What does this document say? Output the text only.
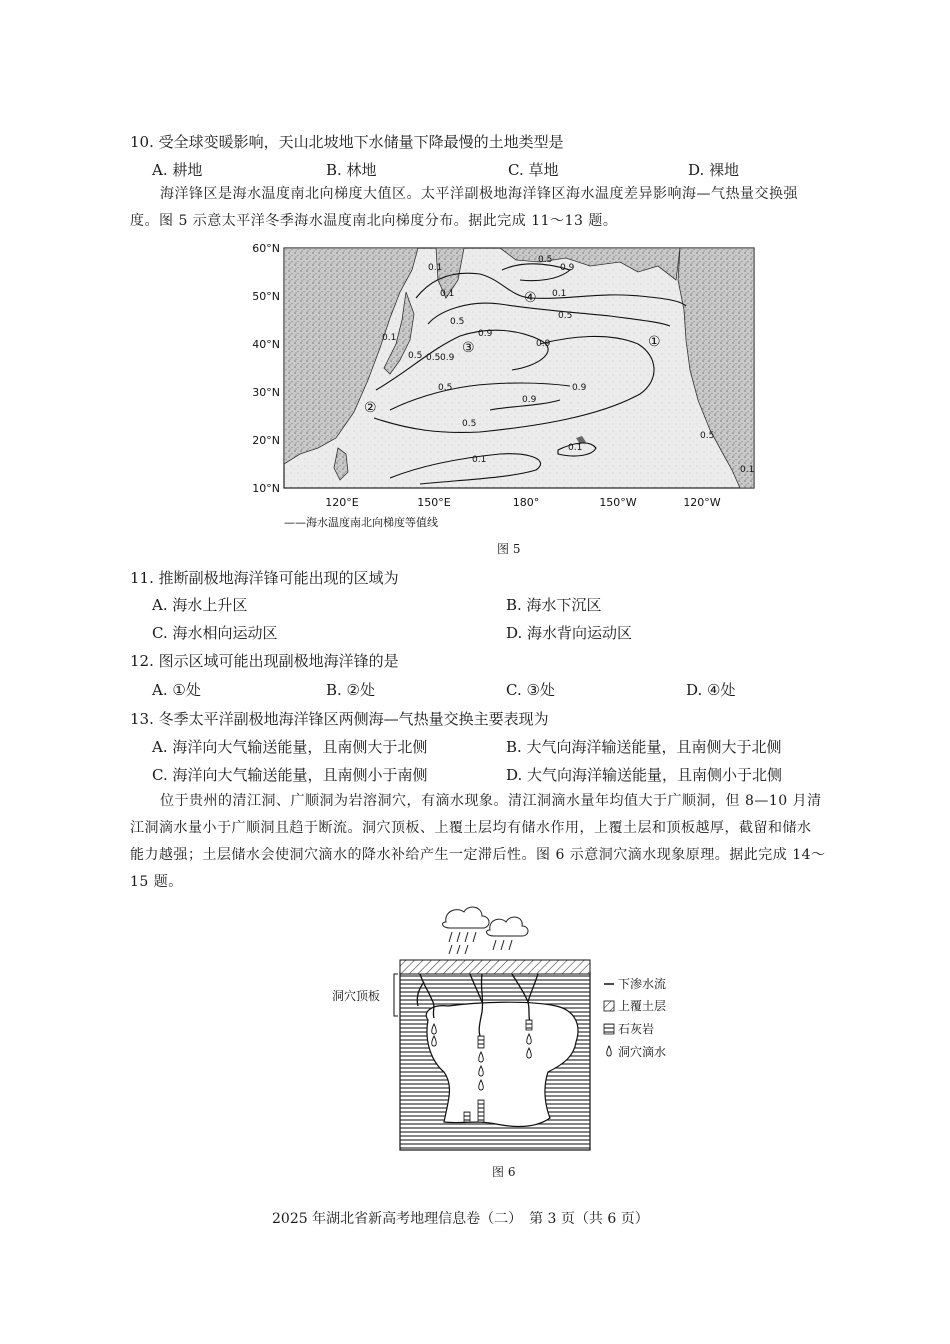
10. 受全球变暖影响，天山北坡地下水储量下降最慢的土地类型是
A. 耕地	B. 林地	C. 草地	D. 裸地
海洋锋区是海水温度南北向梯度大值区。太平洋副极地海洋锋区海水温度差异影响海—气热量交换强
度。图 5 示意太平洋冬季海水温度南北向梯度分布。据此完成 11～13 题。
0.1
0.5
0.9
0.1	0.1
0.5
0.1
0.5
0.9
0.9
0.5 0.9
0.5
0.9
0.9
0.5
0.1
0.1
0.5
0.1
0.5
①
②
③
④
60°N
50°N
40°N
30°N
20°N
10°N
120°E	150°E	180°	150°W	120°W
——海水温度南北向梯度等值线
图 5
11. 推断副极地海洋锋可能出现的区域为
A. 海水上升区	B. 海水下沉区
C. 海水相向运动区	D. 海水背向运动区
12. 图示区域可能出现副极地海洋锋的是
A. ①处	B. ②处	C. ③处	D. ④处
13. 冬季太平洋副极地海洋锋区两侧海—气热量交换主要表现为
A. 海洋向大气输送能量，且南侧大于北侧	B. 大气向海洋输送能量，且南侧大于北侧
C. 海洋向大气输送能量，且南侧小于南侧	D. 大气向海洋输送能量，且南侧小于北侧
位于贵州的清江洞、广顺洞为岩溶洞穴，有滴水现象。清江洞滴水量年均值大于广顺洞，但 8—10 月清
江洞滴水量小于广顺洞且趋于断流。洞穴顶板、上覆土层均有储水作用，上覆土层和顶板越厚，截留和储水
能力越强；土层储水会使洞穴滴水的降水补给产生一定滞后性。图 6 示意洞穴滴水现象原理。据此完成 14～
15 题。
洞穴顶板
下渗水流
上覆土层
石灰岩
洞穴滴水
图 6
2025 年湖北省新高考地理信息卷（二）　第 3 页（共 6 页）
